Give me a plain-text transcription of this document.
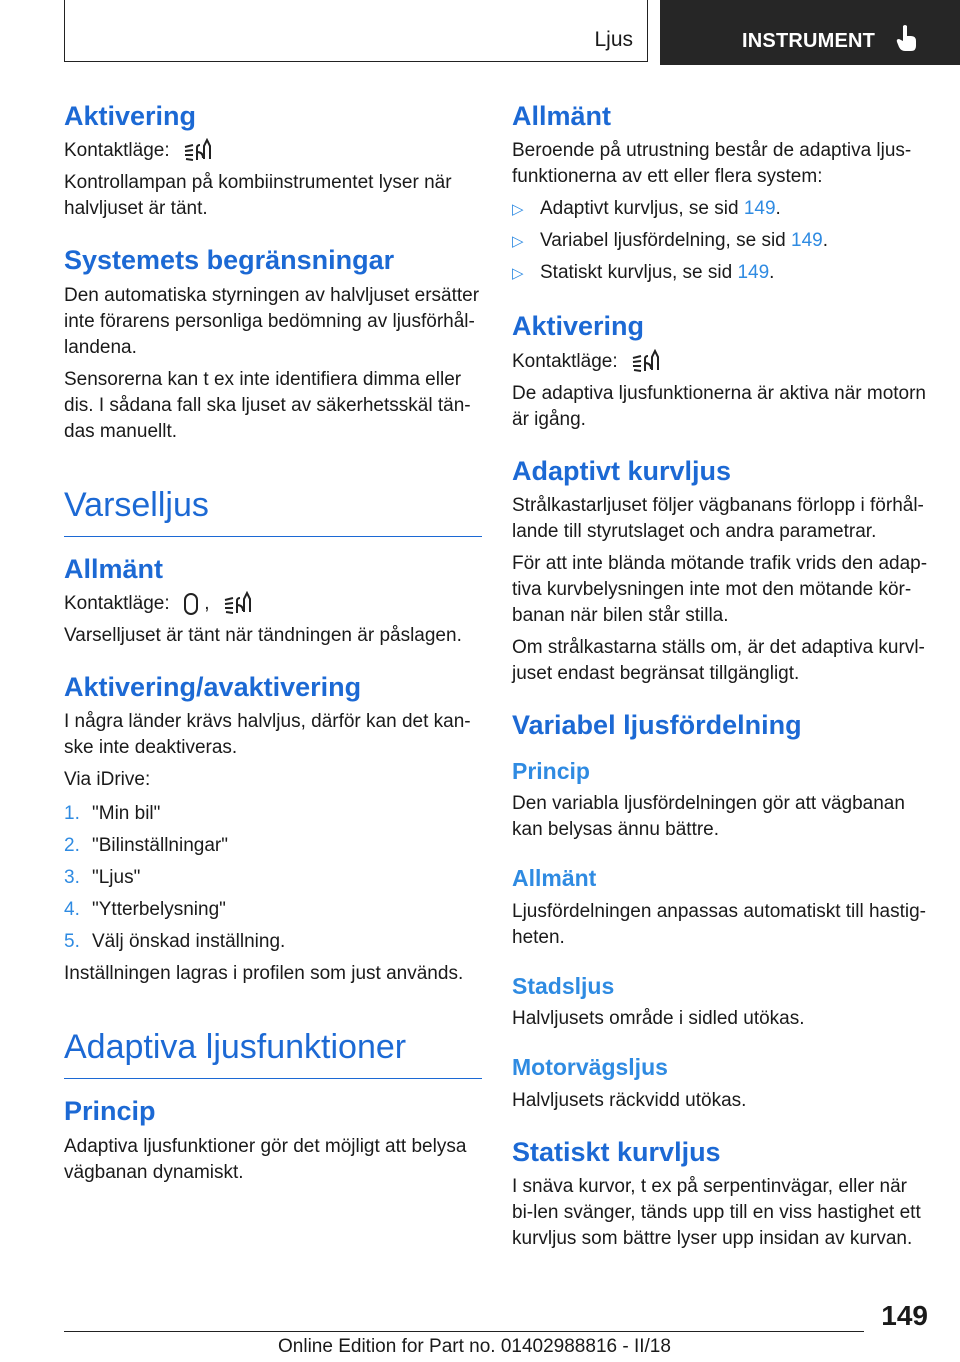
Ljus	INSTRUMENT
Aktivering

Kontaktläge:

Kontrollampan på kombiinstrumentet lyser när halvljuset är tänt.

Systemets begränsningar

Den automatiska styrningen av halvljuset ersätter inte förarens personliga bedömning av ljusförhål-landena.

Sensorerna kan t ex inte identifiera dimma eller dis. I sådana fall ska ljuset av säkerhetsskäl tän-das manuellt.

Varselljus
Allmänt

Kontaktläge: ,

Varselljuset är tänt när tändningen är påslagen.

Aktivering/avaktivering

I några länder krävs halvljus, därför kan det kan-ske inte deaktiveras.

Via iDrive:

1. "Min bil"
2. "Bilinställningar"
3. "Ljus"
4. "Ytterbelysning"
5. Välj önskad inställning.

Inställningen lagras i profilen som just används.

Adaptiva ljusfunktioner
Princip

Adaptiva ljusfunktioner gör det möjligt att belysa vägbanan dynamiskt.

Allmänt

Beroende på utrustning består de adaptiva ljus-funktionerna av ett eller flera system:

▷ Adaptivt kurvljus, se sid 149.
▷ Variabel ljusfördelning, se sid 149.
▷ Statiskt kurvljus, se sid 149.
Aktivering

Kontaktläge:

De adaptiva ljusfunktionerna är aktiva när motorn är igång.

Adaptivt kurvljus

Strålkastarljuset följer vägbanans förlopp i förhål-lande till styrutslaget och andra parametrar.

För att inte blända mötande trafik vrids den adap-tiva kurvbelysningen inte mot den mötande kör-banan när bilen står stilla.

Om strålkastarna ställs om, är det adaptiva kurvl-juset endast begränsat tillgängligt.

Variabel ljusfördelning
Princip

Den variabla ljusfördelningen gör att vägbanan kan belysas ännu bättre.

Allmänt

Ljusfördelningen anpassas automatiskt till hastig-heten.

Stadsljus

Halvljusets område i sidled utökas.

Motorvägsljus

Halvljusets räckvidd utökas.

Statiskt kurvljus

I snäva kurvor, t ex på serpentinvägar, eller när bi-len svänger, tänds upp till en viss hastighet ett kurvljus som bättre lyser upp insidan av kurvan.

149
Online Edition for Part no. 01402988816 - II/18
